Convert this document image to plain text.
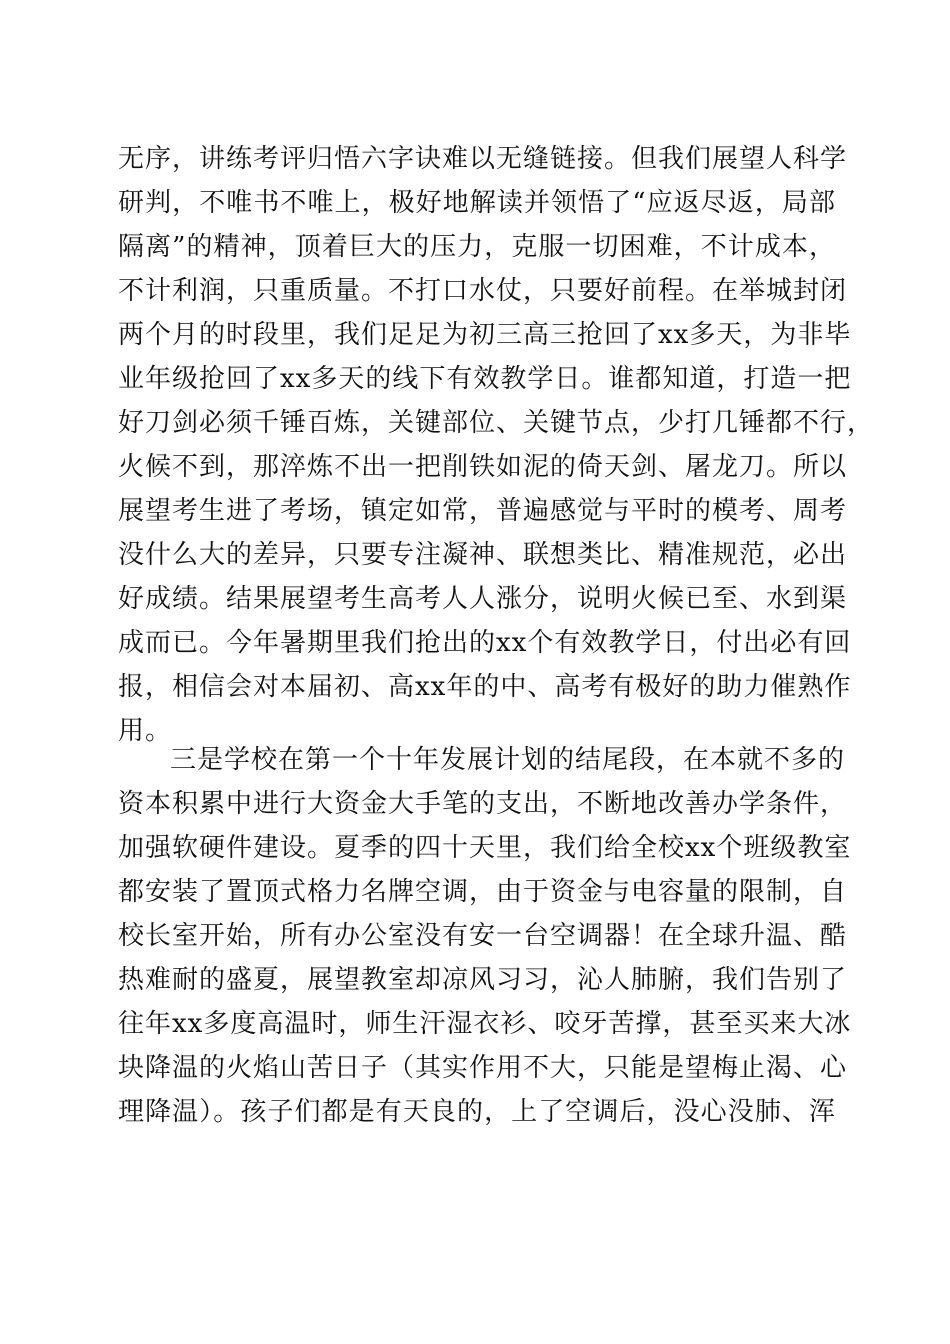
无序，讲练考评归悟六字诀难以无缝链接。但我们展望人科学
研判，不唯书不唯上，极好地解读并领悟了“应返尽返，局部
隔离”的精神，顶着巨大的压力，克服一切困难，不计成本，
不计利润，只重质量。不打口水仗，只要好前程。在举城封闭
两个月的时段里，我们足足为初三高三抢回了xx多天，为非毕
业年级抢回了xx多天的线下有效教学日。谁都知道，打造一把
好刀剑必须千锤百炼，关键部位、关键节点，少打几锤都不行，
火候不到，那淬炼不出一把削铁如泥的倚天剑、屠龙刀。所以
展望考生进了考场，镇定如常，普遍感觉与平时的模考、周考
没什么大的差异，只要专注凝神、联想类比、精准规范，必出
好成绩。结果展望考生高考人人涨分，说明火候已至、水到渠
成而已。今年暑期里我们抢出的xx个有效教学日，付出必有回
报，相信会对本届初、高xx年的中、高考有极好的助力催熟作
用。
三是学校在第一个十年发展计划的结尾段，在本就不多的
资本积累中进行大资金大手笔的支出，不断地改善办学条件，
加强软硬件建设。夏季的四十天里，我们给全校xx个班级教室
都安装了置顶式格力名牌空调，由于资金与电容量的限制，自
校长室开始，所有办公室没有安一台空调器！在全球升温、酷
热难耐的盛夏，展望教室却凉风习习，沁人肺腑，我们告别了
往年xx多度高温时，师生汗湿衣衫、咬牙苦撑，甚至买来大冰
块降温的火焰山苦日子（其实作用不大，只能是望梅止渴、心
理降温）。孩子们都是有天良的，上了空调后，没心没肺、浑
